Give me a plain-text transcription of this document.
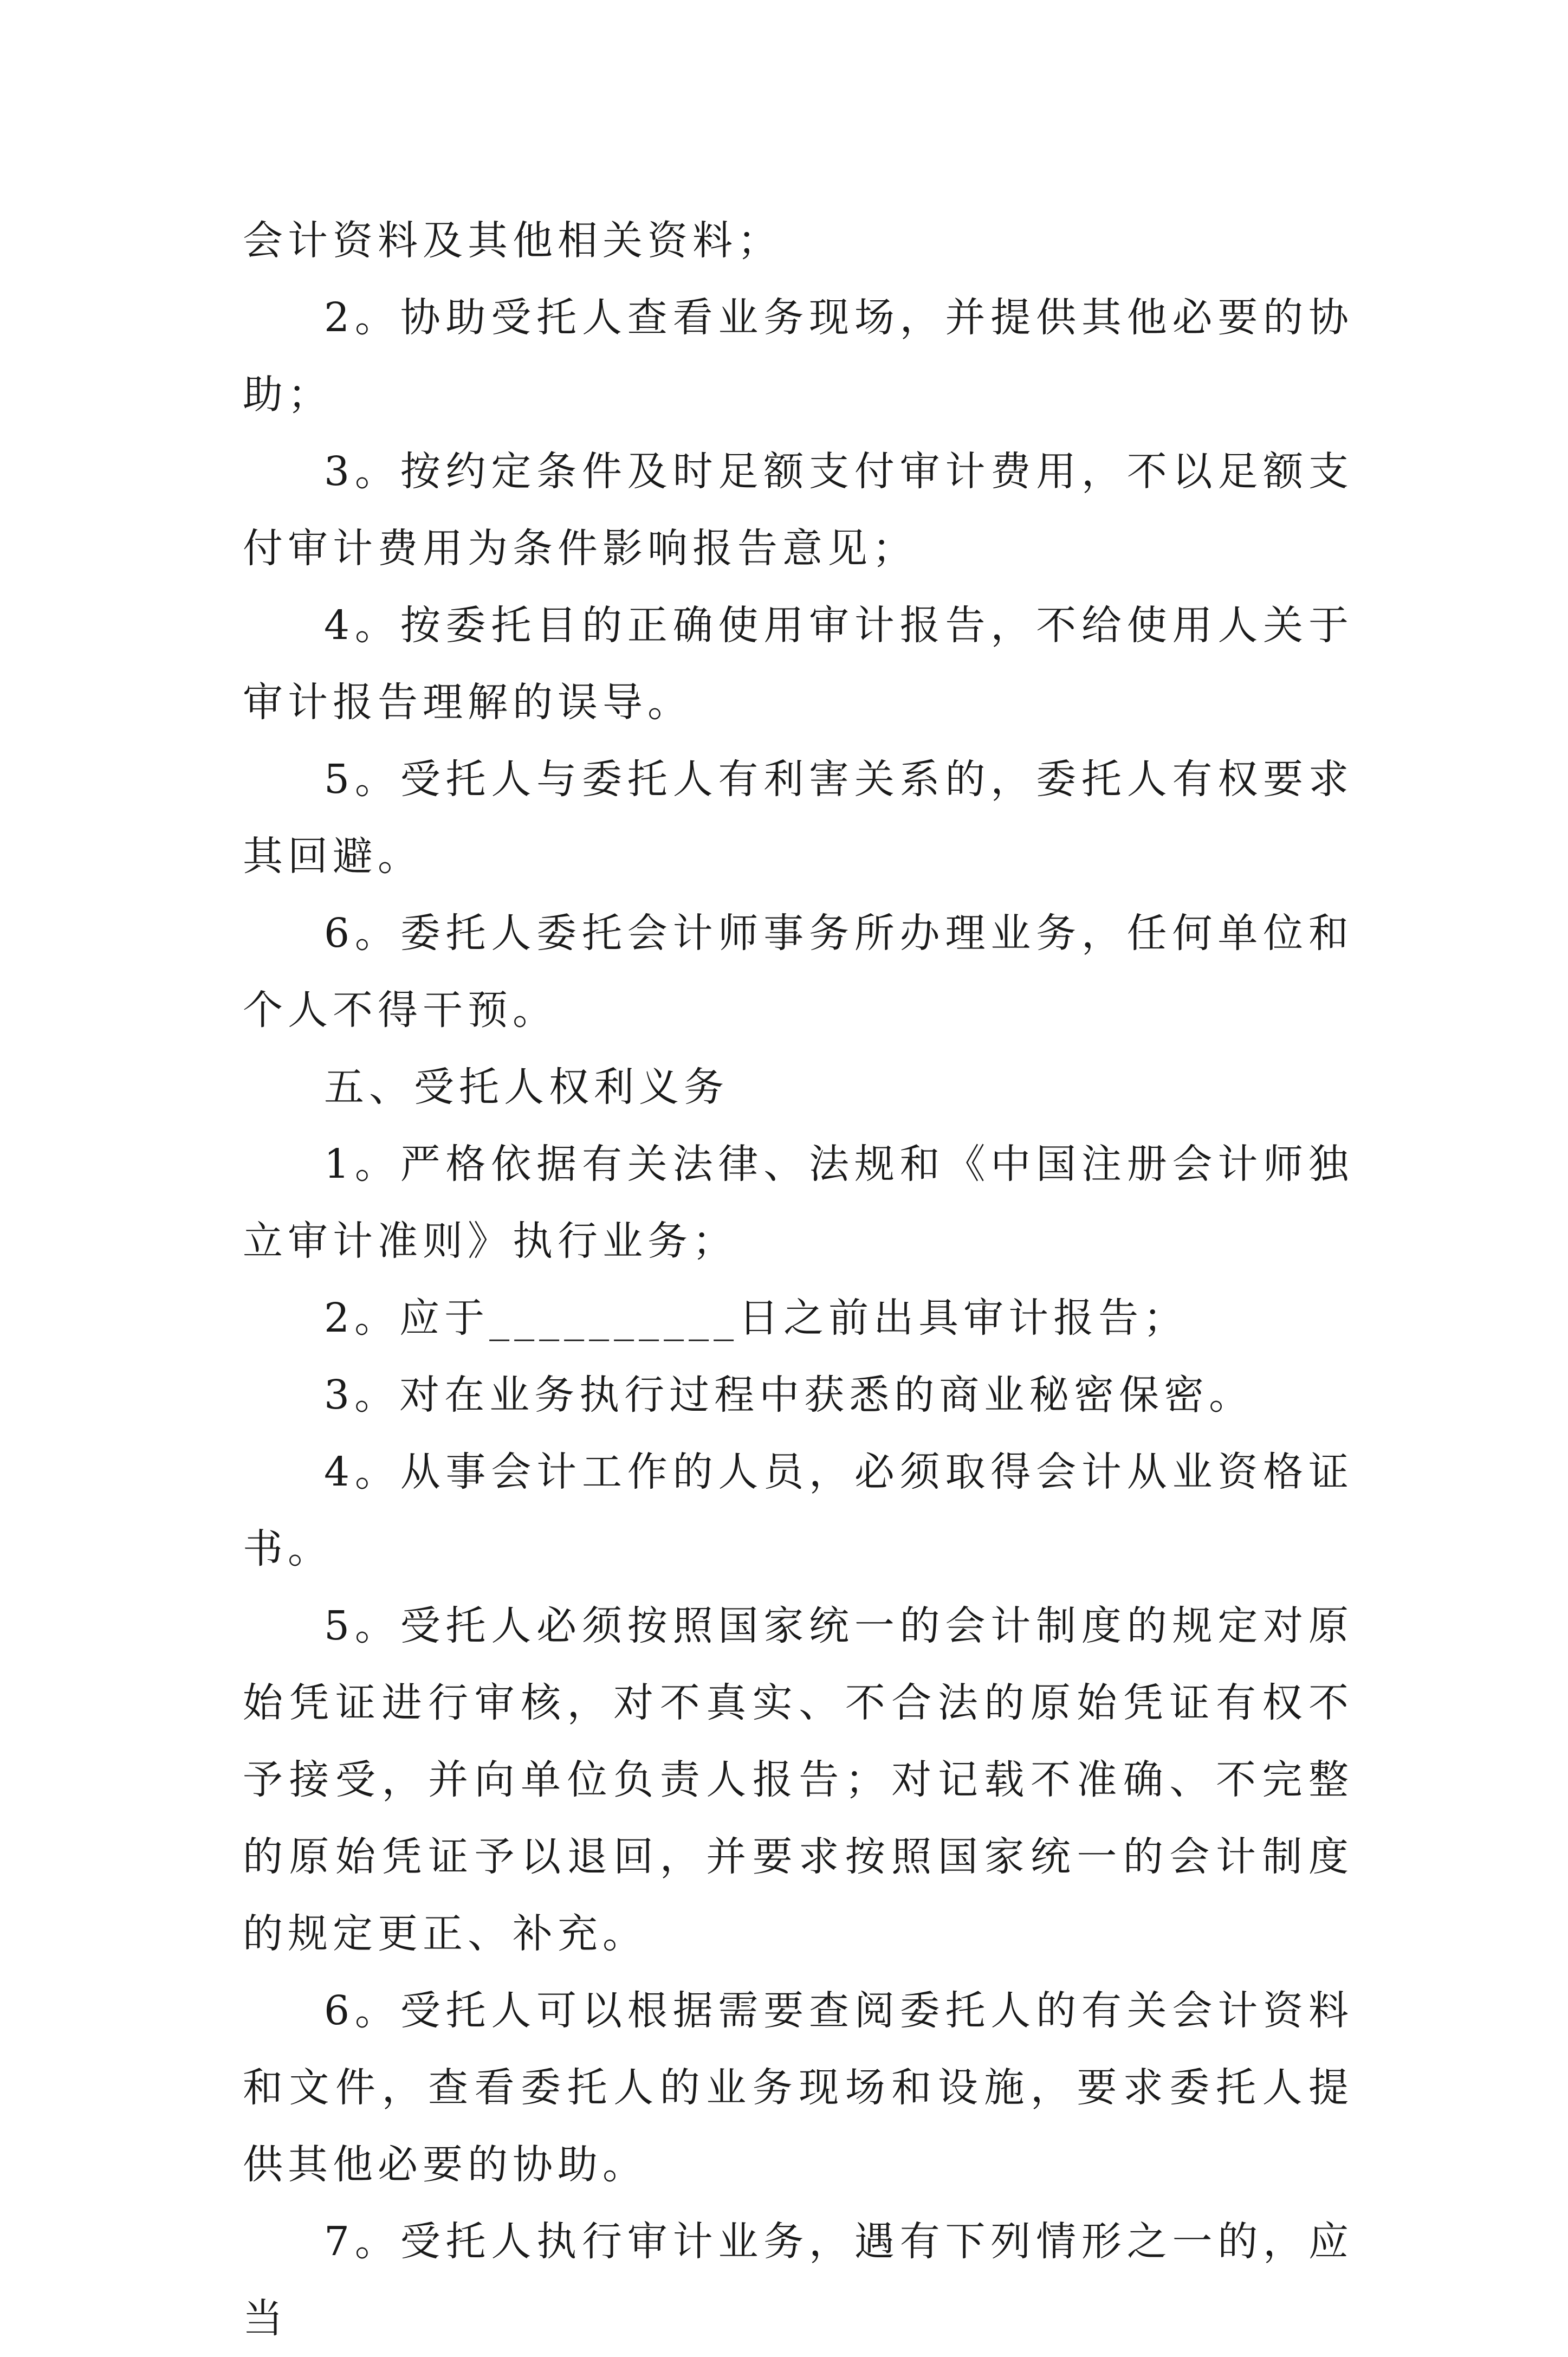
会计资料及其他相关资料；

2。协助受托人查看业务现场，并提供其他必要的协助；

3。按约定条件及时足额支付审计费用，不以足额支付审计费用为条件影响报告意见；

4。按委托目的正确使用审计报告，不给使用人关于审计报告理解的误导。

5。受托人与委托人有利害关系的，委托人有权要求其回避。

6。委托人委托会计师事务所办理业务，任何单位和个人不得干预。

五、受托人权利义务

1。严格依据有关法律、法规和《中国注册会计师独立审计准则》执行业务；

2。应于__________日之前出具审计报告；

3。对在业务执行过程中获悉的商业秘密保密。

4。从事会计工作的人员，必须取得会计从业资格证书。

5。受托人必须按照国家统一的会计制度的规定对原始凭证进行审核，对不真实、不合法的原始凭证有权不予接受，并向单位负责人报告；对记载不准确、不完整的原始凭证予以退回，并要求按照国家统一的会计制度的规定更正、补充。

6。受托人可以根据需要查阅委托人的有关会计资料和文件，查看委托人的业务现场和设施，要求委托人提供其他必要的协助。

7。受托人执行审计业务，遇有下列情形之一的，应当
